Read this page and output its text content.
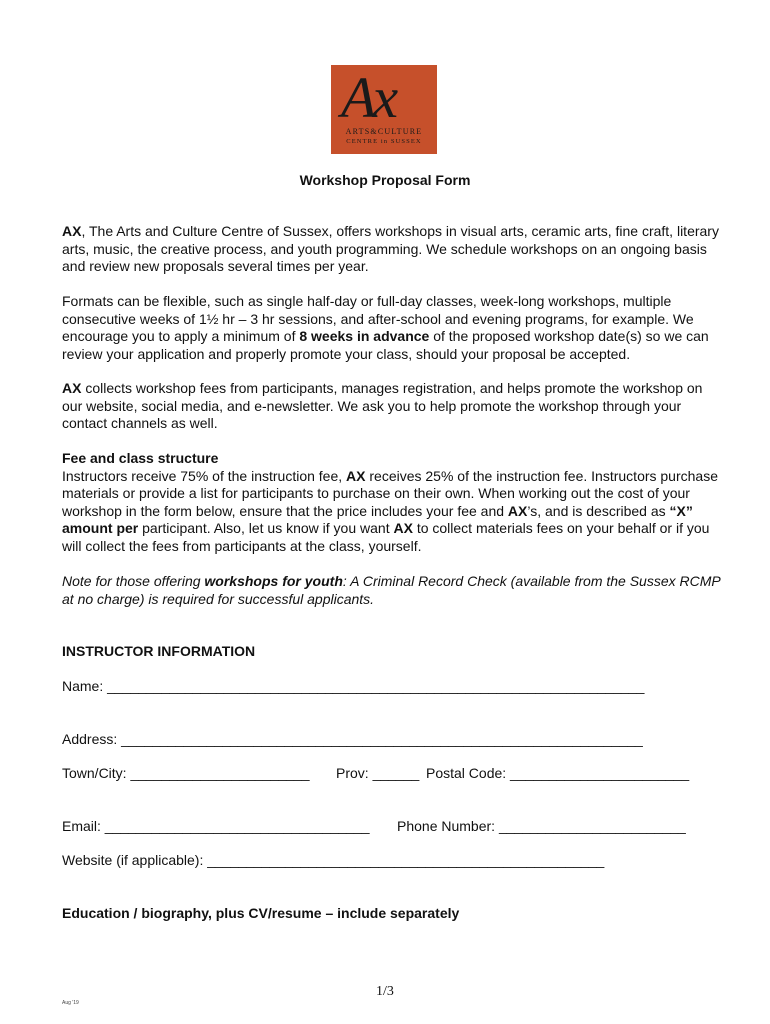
Ax
ARTS&CULTURE
CENTRE in SUSSEX
Workshop Proposal Form

AX, The Arts and Culture Centre of Sussex, offers workshops in visual arts, ceramic arts, fine craft, literary arts, music, the creative process, and youth programming. We schedule workshops on an ongoing basis and review new proposals several times per year.

Formats can be flexible, such as single half-day or full-day classes, week-long workshops, multiple consecutive weeks of 1½ hr – 3 hr sessions, and after-school and evening programs, for example. We encourage you to apply a minimum of 8 weeks in advance of the proposed workshop date(s) so we can review your application and properly promote your class, should your proposal be accepted.

AX collects workshop fees from participants, manages registration, and helps promote the workshop on our website, social media, and e-newsletter. We ask you to help promote the workshop through your contact channels as well.

Fee and class structure
Instructors receive 75% of the instruction fee, AX receives 25% of the instruction fee. Instructors purchase materials or provide a list for participants to purchase on their own. When working out the cost of your workshop in the form below, ensure that the price includes your fee and AX’s, and is described as “X” amount per participant. Also, let us know if you want AX to collect materials fees on your behalf or if you will collect the fees from participants at the class, yourself.

Note for those offering workshops for youth: A Criminal Record Check (available from the Sussex RCMP at no charge) is required for successful applicants.

INSTRUCTOR INFORMATION
Name: _____________________________________________________________________
Address: ___________________________________________________________________
Town/City: _______________________ Prov: ______ Postal Code: _______________________
Email: __________________________________ Phone Number: ________________________
Website (if applicable): ___________________________________________________
Education / biography, plus CV/resume – include separately
1/3
Aug '19
